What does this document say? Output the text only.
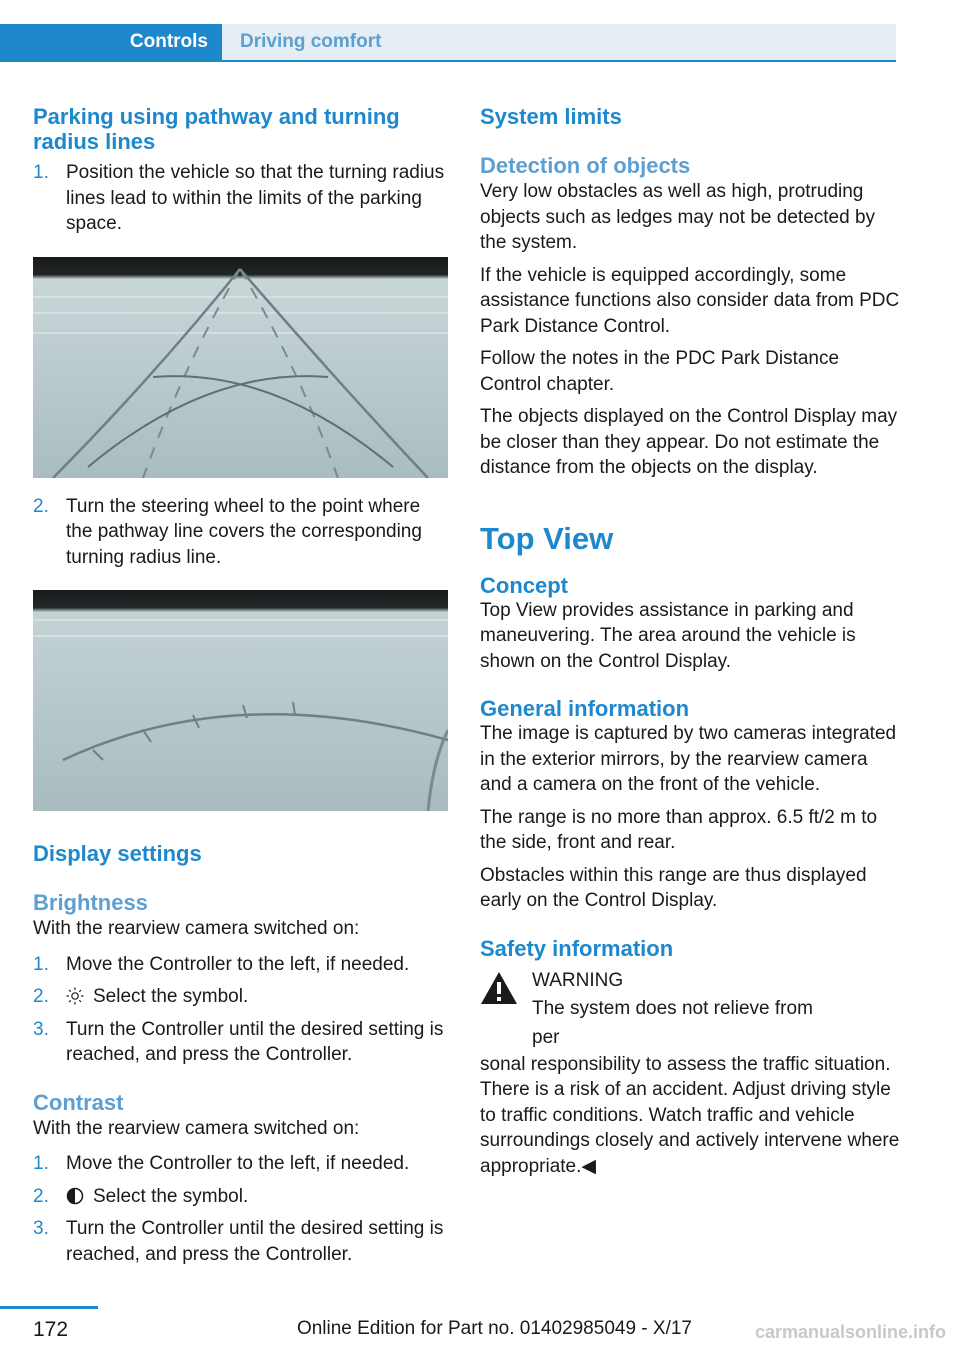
Controls	Driving comfort
Parking using pathway and turning radius lines
1. Position the vehicle so that the turning radius lines lead to within the limits of the parking space.
2. Turn the steering wheel to the point where the pathway line covers the corresponding turning radius line.
Display settings
Brightness

With the rearview camera switched on:

1. Move the Controller to the left, if needed.
2.	Select the symbol.
3. Turn the Controller until the desired setting is reached, and press the Controller.
Contrast

With the rearview camera switched on:

1. Move the Controller to the left, if needed.
2.	Select the symbol.
3. Turn the Controller until the desired setting is reached, and press the Controller.
System limits
Detection of objects

Very low obstacles as well as high, protruding objects such as ledges may not be detected by the system.

If the vehicle is equipped accordingly, some assistance functions also consider data from PDC Park Distance Control.

Follow the notes in the PDC Park Distance Control chapter.

The objects displayed on the Control Display may be closer than they appear. Do not estimate the distance from the objects on the display.

Top View
Concept

Top View provides assistance in parking and maneuvering. The area around the vehicle is shown on the Control Display.

General information

The image is captured by two cameras integrated in the exterior mirrors, by the rearview camera and a camera on the front of the vehicle.

The range is no more than approx. 6.5 ft/2 m to the side, front and rear.

Obstacles within this range are thus displayed early on the Control Display.

Safety information

WARNING

The system does not relieve from per

sonal responsibility to assess the traffic situation. There is a risk of an accident. Adjust driving style to traffic conditions. Watch traffic and vehicle surroundings closely and actively intervene where appropriate.◀

172	Online Edition for Part no. 01402985049 - X/17	carmanualsonline.info
